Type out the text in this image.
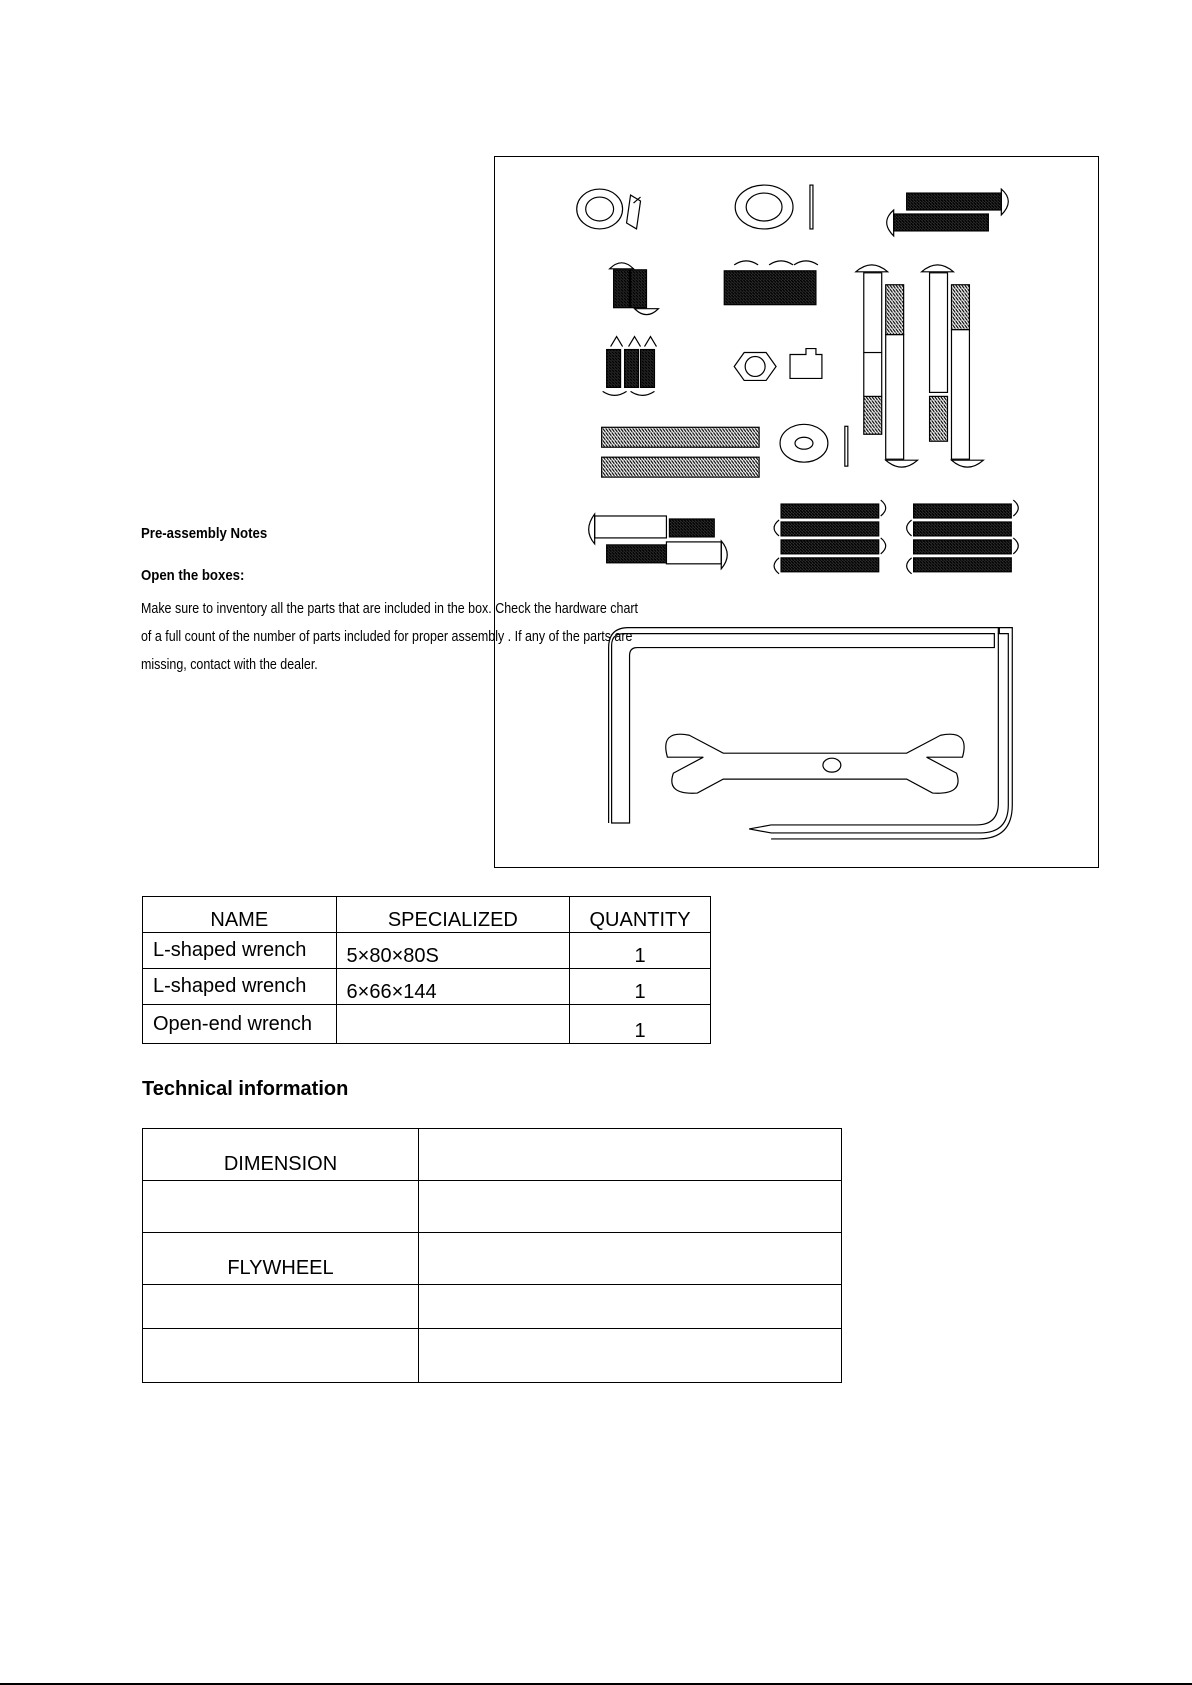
Pre-assembly Notes
Open the boxes:
Make sure to inventory all the parts that are included in the box. Check the hardware chart
of a full count of the number of parts included for proper assembly . If any of the parts are
missing, contact with the dealer.
NAME	SPECIALIZED	QUANTITY
L-shaped wrench	5×80×80S	1
L-shaped wrench	6×66×144	1
Open-end wrench		1
Technical information
DIMENSION	

FLYWHEEL	
